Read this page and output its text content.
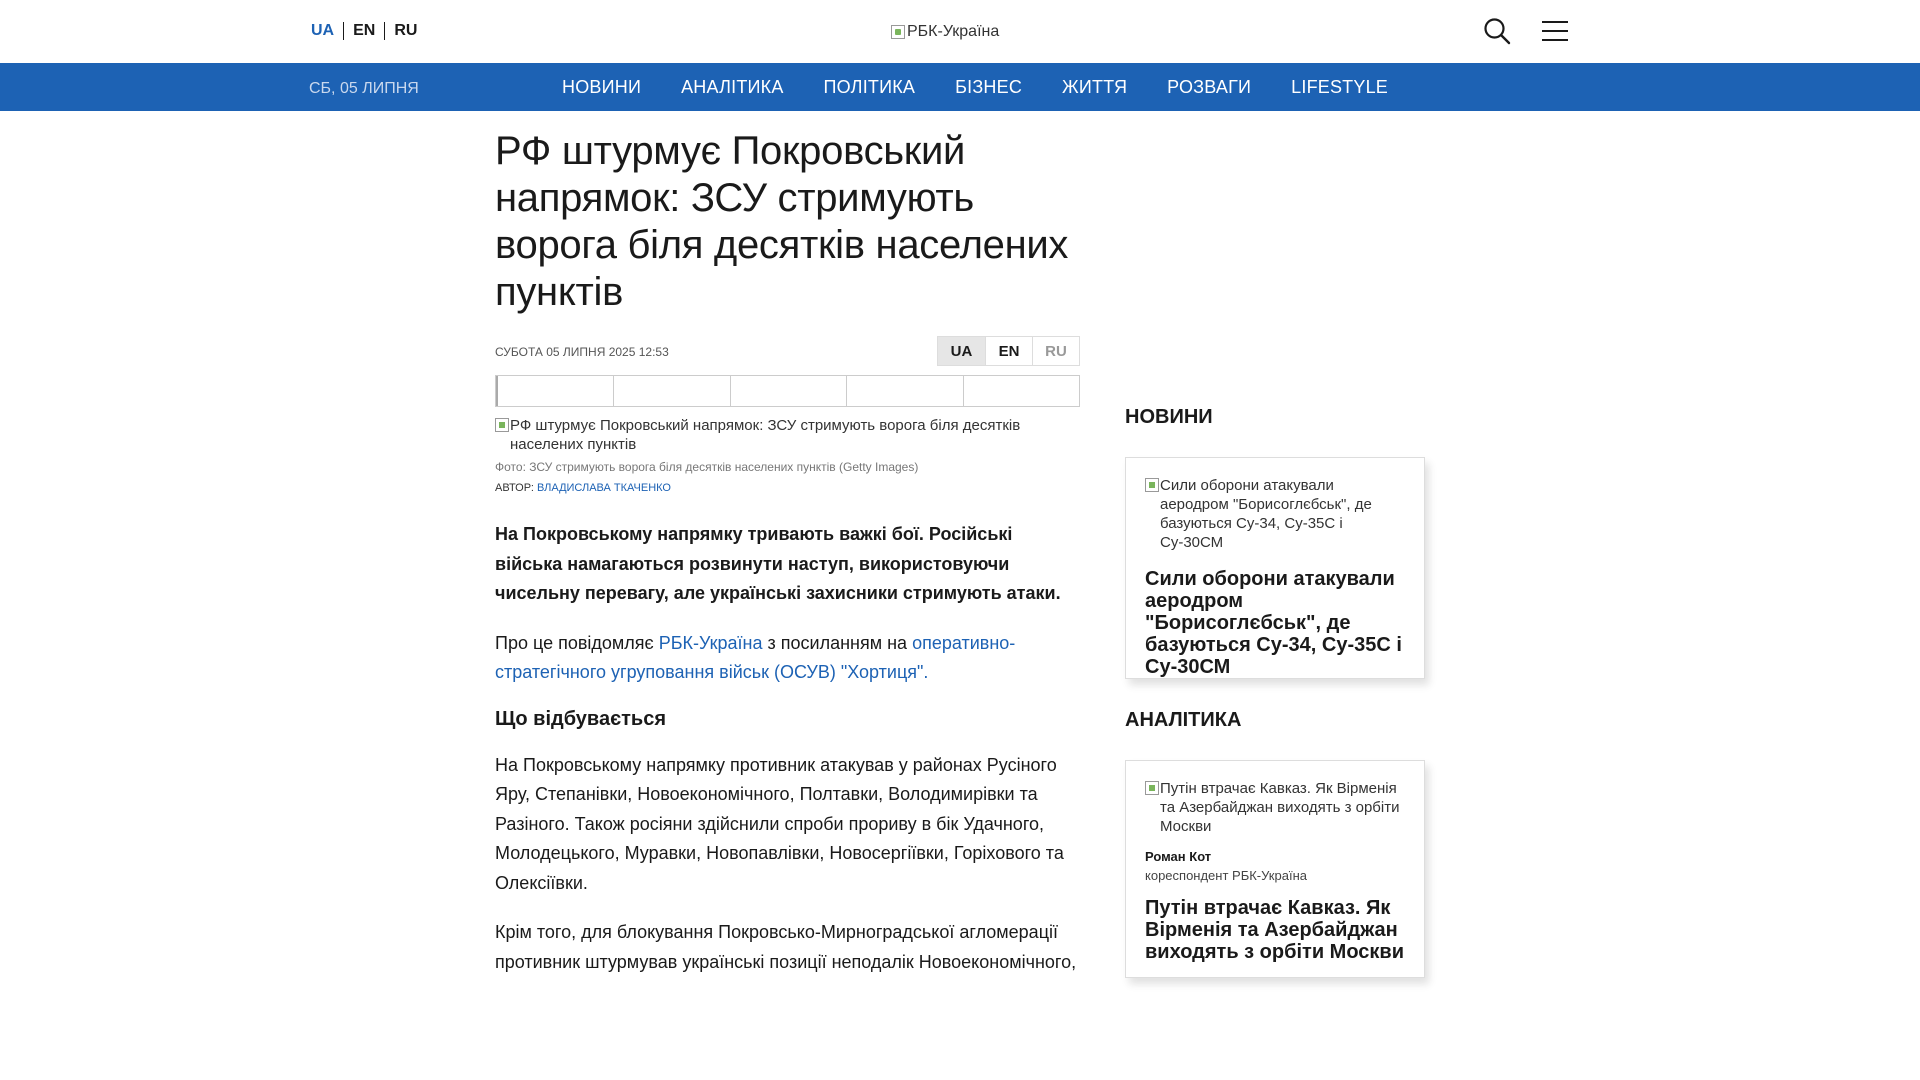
UA EN RU	РБК-Україна
СБ, 05 ЛИПНЯ	НОВИНИ АНАЛІТИКА ПОЛІТИКА БІЗНЕС ЖИТТЯ РОЗВАГИ LIFESTYLE
РФ штурмує Покровський напрямок: ЗСУ стримують ворога біля десятків населених пунктів
СУБОТА 05 ЛИПНЯ 2025 12:53	UA	EN	RU
РФ штурмує Покровський напрямок: ЗСУ стримують ворога біля десятків населених пунктів
Фото: ЗСУ стримують ворога біля десятків населених пунктів (Getty Images)
АВТОР: ВЛАДИСЛАВА ТКАЧЕНКО

На Покровському напрямку тривають важкі бої. Російські війська намагаються розвинути наступ, використовуючи чисельну перевагу, але українські захисники стримують атаки.

Про це повідомляє РБК-Україна з посиланням на оперативно-стратегічного угруповання військ (ОСУВ) "Хортиця".

Що відбувається

На Покровському напрямку противник атакував у районах Русіного Яру, Степанівки, Новоекономічного, Полтавки, Володимирівки та Разіного. Також росіяни здійснили спроби прориву в бік Удачного, Молодецького, Муравки, Новопавлівки, Новосергіївки, Горіхового та Олексіївки.

Крім того, для блокування Покровсько-Мирноградської агломерації противник штурмував українські позиції неподалік Новоекономічного,

НОВИНИ
Сили оборони атакували аеродром "Борисоглєбськ", де базуються Су-34, Су-35С і Су-30СМ
Сили оборони атакували аеродром "Борисоглєбськ", де базуються Су-34, Су-35С і Су-30СМ
АНАЛІТИКА
Путін втрачає Кавказ. Як Вірменія та Азербайджан виходять з орбіти Москви
Роман Кот
кореспондент РБК-Україна
Путін втрачає Кавказ. Як Вірменія та Азербайджан виходять з орбіти Москви
